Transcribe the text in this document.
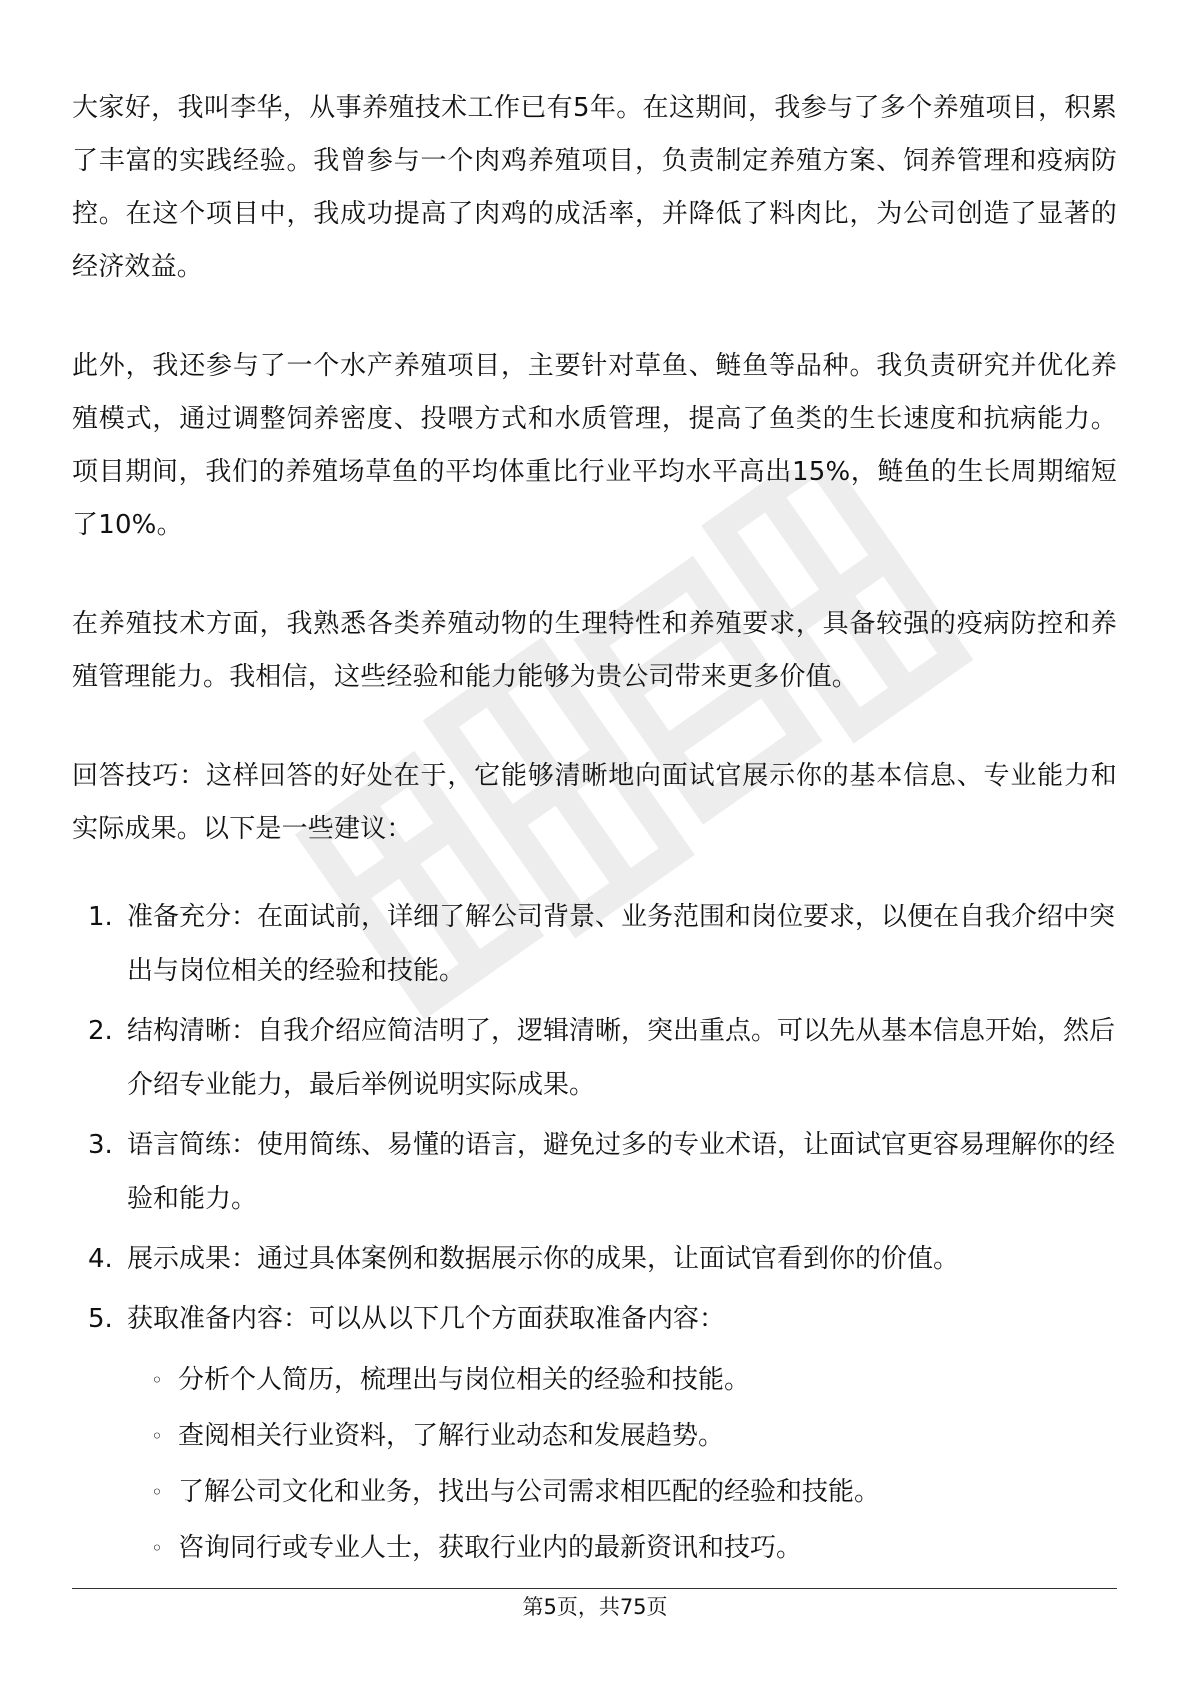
大家好，我叫李华，从事养殖技术工作已有5年。在这期间，我参与了多个养殖项目，积累了丰富的实践经验。我曾参与一个肉鸡养殖项目，负责制定养殖方案、饲养管理和疫病防控。在这个项目中，我成功提高了肉鸡的成活率，并降低了料肉比，为公司创造了显著的经济效益。

此外，我还参与了一个水产养殖项目，主要针对草鱼、鲢鱼等品种。我负责研究并优化养殖模式，通过调整饲养密度、投喂方式和水质管理，提高了鱼类的生长速度和抗病能力。项目期间，我们的养殖场草鱼的平均体重比行业平均水平高出15%，鲢鱼的生长周期缩短了10%。

在养殖技术方面，我熟悉各类养殖动物的生理特性和养殖要求，具备较强的疫病防控和养殖管理能力。我相信，这些经验和能力能够为贵公司带来更多价值。

回答技巧：这样回答的好处在于，它能够清晰地向面试官展示你的基本信息、专业能力和实际成果。以下是一些建议：

1. 准备充分：在面试前，详细了解公司背景、业务范围和岗位要求，以便在自我介绍中突出与岗位相关的经验和技能。
2. 结构清晰：自我介绍应简洁明了，逻辑清晰，突出重点。可以先从基本信息开始，然后介绍专业能力，最后举例说明实际成果。
3. 语言简练：使用简练、易懂的语言，避免过多的专业术语，让面试官更容易理解你的经验和能力。
4. 展示成果：通过具体案例和数据展示你的成果，让面试官看到你的价值。
5. 获取准备内容：可以从以下几个方面获取准备内容：
◦ 分析个人简历，梳理出与岗位相关的经验和技能。
◦ 查阅相关行业资料，了解行业动态和发展趋势。
◦ 了解公司文化和业务，找出与公司需求相匹配的经验和技能。
◦ 咨询同行或专业人士，获取行业内的最新资讯和技巧。
第5页，共75页
